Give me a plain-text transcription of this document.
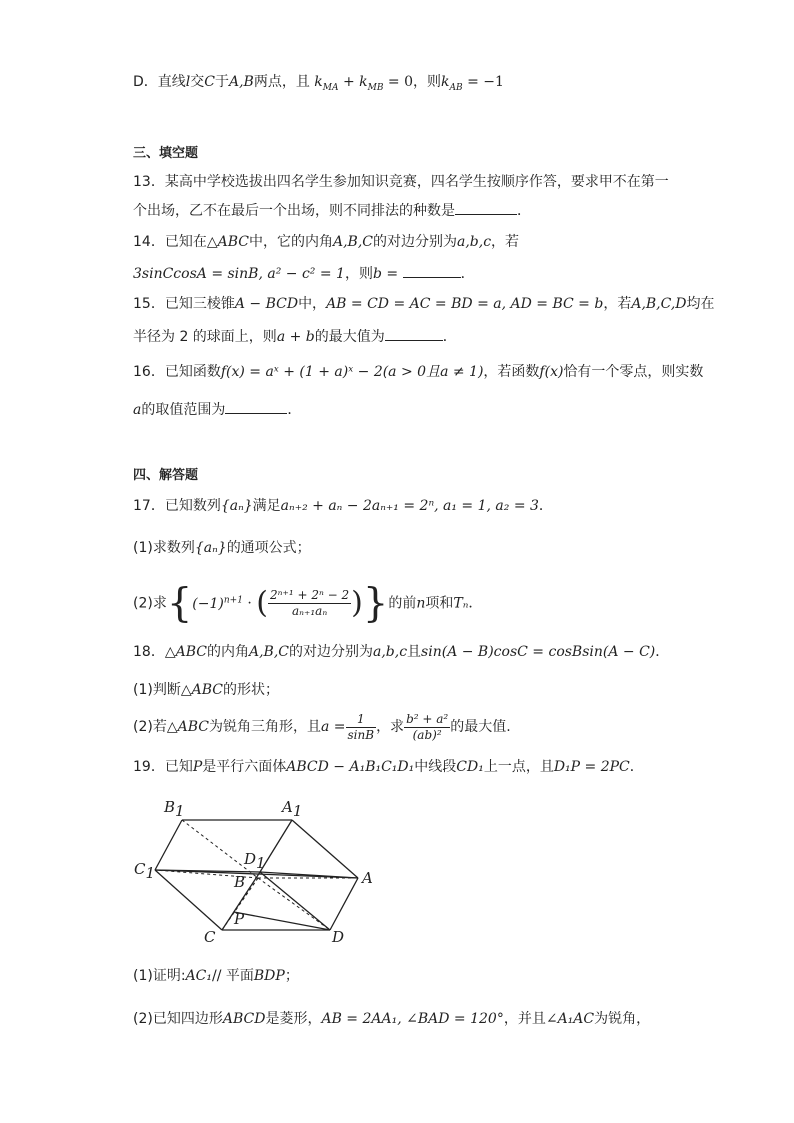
D．直线l交C于A,B两点，且 $k_{MA} + k_{MB} = 0$，则$k_{AB} = -1$
三、填空题
13．某高中学校选拔出四名学生参加知识竞赛，四名学生按顺序作答，要求甲不在第一
个出场，乙不在最后一个出场，则不同排法的种数是	．
14．已知在△ABC中，它的内角A,B,C的对边分别为a,b,c，若
3sinCcosA = sinB, a² − c² = 1，则b =	．
15．已知三棱锥A − BCD中，AB = CD = AC = BD = a, AD = BC = b，若A,B,C,D均在
半径为 2 的球面上，则a + b的最大值为	．
16．已知函数f(x) = aˣ + (1 + a)ˣ − 2(a > 0且a ≠ 1)，若函数f(x)恰有一个零点，则实数
a的取值范围为	．
四、解答题
17．已知数列{aₙ}满足aₙ₊₂ + aₙ − 2aₙ₊₁ = 2ⁿ, a₁ = 1, a₂ = 3．
(1)求数列{aₙ}的通项公式；
(2)求{$(-1)^{n+1}$ · ( $\frac{\text{2ⁿ⁺¹ + 2ⁿ − 2}}{\text{aₙ₊₁aₙ}}$ )}的前n项和Tₙ．
18．△ABC的内角A,B,C的对边分别为a,b,c且sin(A − B)cosC = cosBsin(A − C)．
(1)判断△ABC的形状；
(2)若△ABC为锐角三角形，且$a = \frac{1}{\sin B}$ ，求 $\frac{\text{b² + a²}}{\text{(ab)²}}$ 的最大值.
19．已知P是平行六面体ABCD − A₁B₁C₁D₁中线段CD₁上一点，且D₁P = 2PC．
B1	A1
D1
C1	B	A
P
C	D
(1)证明:AC₁// 平面BDP；
(2)已知四边形ABCD是菱形，AB = 2AA₁, ∠BAD = 120°，并且∠A₁AC为锐角，
